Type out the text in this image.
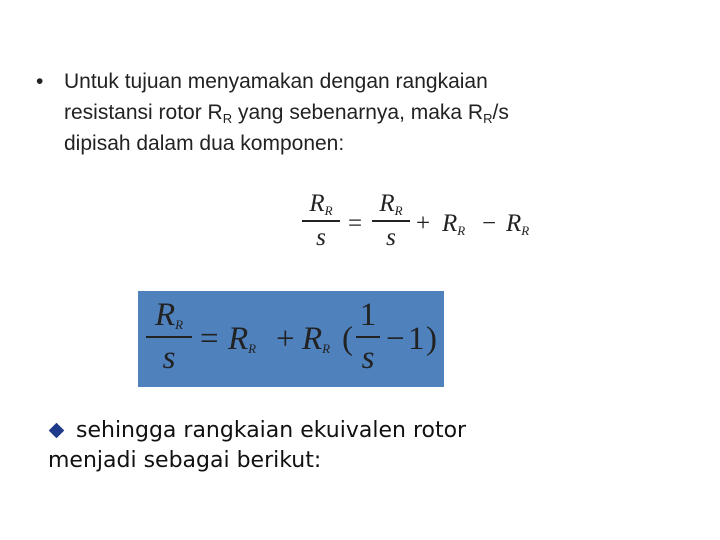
• Untuk tujuan menyamakan dengan rangkaian
resistansi rotor $R_R$ yang sebenarnya, maka $R_R/s$
dipisah dalam dua komponen:
$R_R$
s =
$R_R$
$s + R_R - R_R$
$R_R$
s
= $R_R + R_R$ (
1
s
− 1 )
sehingga rangkaian ekuivalen rotor
menjadi sebagai berikut:
